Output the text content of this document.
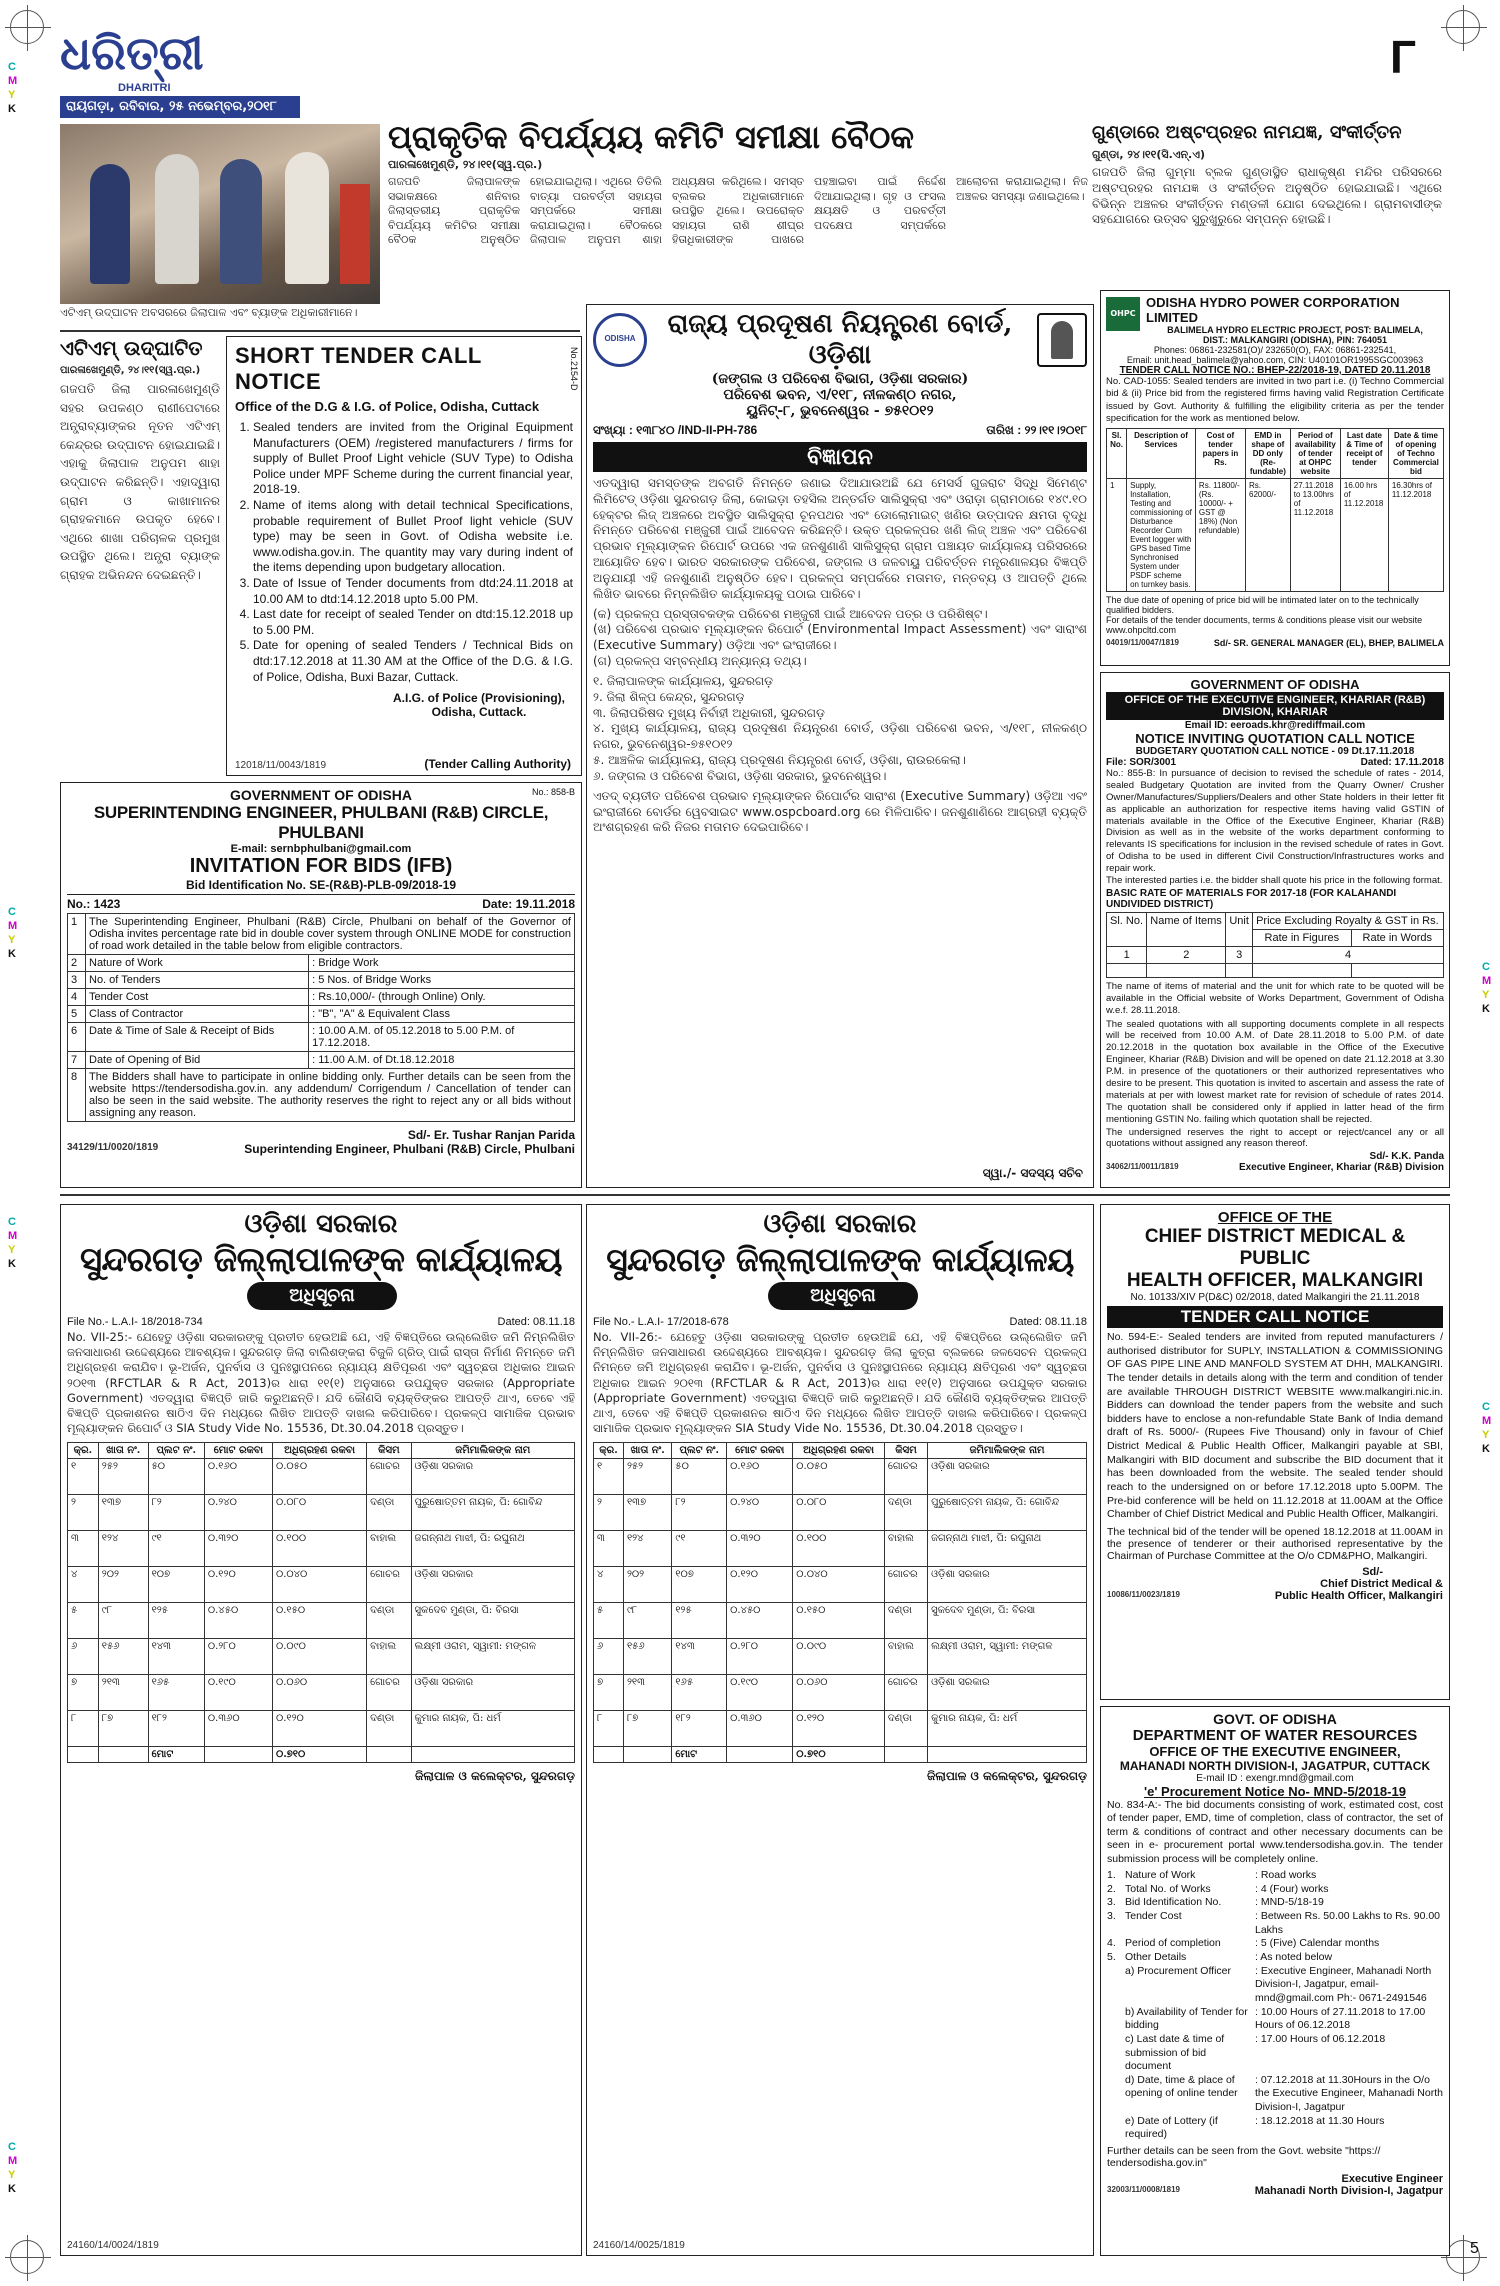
C
M
Y
K
C
M
Y
K
C
M
Y
K
C
M
Y
K
C
M
Y
K
C
M
Y
K
Г
5
ଧରିତ୍ରୀ
DHARITRI
ରାୟଗଡ଼ା, ରବିବାର, ୨୫ ନଭେମ୍ବର,୨୦୧୮
ଏଟିଏମ୍ ଉଦ୍‌ଘାଟନ ଅବସରରେ ଜିଲାପାଳ ଏବଂ ବ୍ୟାଙ୍କ ଅଧିକାରୀମାନେ।
ପ୍ରାକୃତିକ ବିପର୍ଯ୍ୟୟ କମିଟି ସମୀକ୍ଷା ବୈଠକ
ପାରଳାଖେମୁଣ୍ଡି, ୨୪।୧୧(ସ୍ୱ.ପ୍ର.)
ଗଜପତି ଜିଲାପାଳଙ୍କ ସଭାକକ୍ଷରେ ଶନିବାର ଜିଲାସ୍ତରୀୟ ପ୍ରାକୃତିକ ବିପର୍ଯ୍ୟୟ କମିଟିର ସମୀକ୍ଷା ବୈଠକ ଅନୁଷ୍ଠିତ ହୋଇଯାଇଥିଲା। ଏଥିରେ ତିତିଲି ବାତ୍ୟା ପରବର୍ତ୍ତୀ ସହାୟତା ସମ୍ପର୍କରେ ସମୀକ୍ଷା କରାଯାଇଥିଲା। ବୈଠକରେ ଜିଲାପାଳ ଅନୁପମ ଶାହା ଅଧ୍ୟକ୍ଷତା କରିଥିଲେ। ସମସ୍ତ ବ୍ଲକର ଅଧିକାରୀମାନେ ଉପସ୍ଥିତ ଥିଲେ। ଉପରୋକ୍ତ ସହାୟତା ରାଶି ଶୀଘ୍ର ହିତାଧିକାରୀଙ୍କ ପାଖରେ ପହଞ୍ଚାଇବା ପାଇଁ ନିର୍ଦ୍ଦେଶ ଦିଆଯାଇଥିଲା। ଗୃହ ଓ ଫସଲ କ୍ଷୟକ୍ଷତି ଓ ପରବର୍ତ୍ତୀ ପଦକ୍ଷେପ ସମ୍ପର୍କରେ ଆଲୋଚନା କରାଯାଇଥିଲା। ନିଜ ଅଞ୍ଚଳର ସମସ୍ୟା ଜଣାଇଥିଲେ।
ଗୁଣ୍ଡାରେ ଅଷ୍ଟପ୍ରହର ନାମଯଜ୍ଞ, ସଂକୀର୍ତ୍ତନ
ଗୁଣ୍ଡା, ୨୪।୧୧(ସି.ଏନ୍.ଏ)
ଗଜପତି ଜିଲା ଗୁମ୍ମା ବ୍ଲକ ଗୁଣ୍ଡାସ୍ଥିତ ରାଧାକୃଷ୍ଣ ମନ୍ଦିର ପରିସରରେ ଅଷ୍ଟପ୍ରହର ନାମଯଜ୍ଞ ଓ ସଂକୀର୍ତ୍ତନ ଅନୁଷ୍ଠିତ ହୋଇଯାଇଛି। ଏଥିରେ ବିଭିନ୍ନ ଅଞ୍ଚଳର ସଂକୀର୍ତ୍ତନ ମଣ୍ଡଳୀ ଯୋଗ ଦେଇଥିଲେ। ଗ୍ରାମବାସୀଙ୍କ ସହଯୋଗରେ ଉତ୍ସବ ସୁରୁଖୁରୁରେ ସମ୍ପନ୍ନ ହୋଇଛି।
ଏଟିଏମ୍ ଉଦ୍‌ଘାଟିତ
ପାରଳାଖେମୁଣ୍ଡି, ୨୪।୧୧(ସ୍ୱ.ପ୍ର.)
ଗଜପତି ଜିଲା ପାରଳାଖେମୁଣ୍ଡି ସହର ଉପକଣ୍ଠ ରାଣୀପେଟାରେ ଅନ୍ଧ୍ରାବ୍ୟାଙ୍କର ନୂତନ ଏଟିଏମ୍ କେନ୍ଦ୍ରର ଉଦ୍‌ଘାଟନ ହୋଇଯାଇଛି। ଏହାକୁ ଜିଲାପାଳ ଅନୁପମ ଶାହା ଉଦ୍‌ଘାଟନ କରିଛନ୍ତି। ଏହାଦ୍ୱାରା ଗ୍ରାମ ଓ କାଖାମାନର ଗ୍ରାହକମାନେ ଉପକୃତ ହେବେ। ଏଥିରେ ଶାଖା ପରିଚାଳକ ପ୍ରମୁଖ ଉପସ୍ଥିତ ଥିଲେ। ଅନ୍ଧ୍ରା ବ୍ୟାଙ୍କ ଗ୍ରାହକ ଅଭିନନ୍ଦନ ଦେଇଛନ୍ତି।
SHORT TENDER CALL NOTICE	No.2154-D
Office of the D.G & I.G. of Police, Odisha, Cuttack
1. Sealed tenders are invited from the Original Equipment Manufacturers (OEM) /registered manufacturers / firms for supply of Bullet Proof Light vehicle (SUV Type) to Odisha Police under MPF Scheme during the current financial year, 2018-19.
2. Name of items along with detail technical Specifications, probable requirement of Bullet Proof light vehicle (SUV type) may be seen in Govt. of Odisha website i.e. www.odisha.gov.in. The quantity may vary during indent of the items depending upon budgetary allocation.
3. Date of Issue of Tender documents from dtd:24.11.2018 at 10.00 AM to dtd:14.12.2018 upto 5.00 PM.
4. Last date for receipt of sealed Tender on dtd:15.12.2018 up to 5.00 PM.
5. Date for opening of sealed Tenders / Technical Bids on dtd:17.12.2018 at 11.30 AM at the Office of the D.G. & I.G. of Police, Odisha, Buxi Bazar, Cuttack.
A.I.G. of Police (Provisioning),
Odisha, Cuttack.
12018/11/0043/1819	(Tender Calling Authority)
GOVERNMENT OF ODISHA	No.: 858-B
SUPERINTENDING ENGINEER, PHULBANI (R&B) CIRCLE, PHULBANI
E-mail: sernbphulbani@gmail.com
INVITATION FOR BIDS (IFB)
Bid Identification No. SE-(R&B)-PLB-09/2018-19
No.: 1423	Date: 19.11.2018
1	The Superintending Engineer, Phulbani (R&B) Circle, Phulbani on behalf of the Governor of Odisha invites percentage rate bid in double cover system through ONLINE MODE for construction of road work detailed in the table below from eligible contractors.	
2	Nature of Work	: Bridge Work
3	No. of Tenders	: 5 Nos. of Bridge Works
4	Tender Cost	: Rs.10,000/- (through Online) Only.
5	Class of Contractor	: "B", "A" & Equivalent Class
6	Date & Time of Sale & Receipt of Bids	: 10.00 A.M. of 05.12.2018 to 5.00 P.M. of 17.12.2018.
7	Date of Opening of Bid	: 11.00 A.M. of Dt.18.12.2018
8	The Bidders shall have to participate in online bidding only. Further details can be seen from the website https://tendersodisha.gov.in. any addendum/ Corrigendum / Cancellation of tender can also be seen in the said website. The authority reserves the right to reject any or all bids without assigning any reason.	
Sd/- Er. Tushar Ranjan Parida
34129/11/0020/1819	Superintending Engineer, Phulbani (R&B) Circle, Phulbani
ODISHA	ରାଜ୍ୟ ପ୍ରଦୂଷଣ ନିୟନ୍ତ୍ରଣ ବୋର୍ଡ, ଓଡ଼ିଶା
(ଜଙ୍ଗଲ ଓ ପରିବେଶ ବିଭାଗ, ଓଡ଼ିଶା ସରକାର)
ପରିବେଶ ଭବନ, ଏ/୧୧୮, ନୀଳକଣ୍ଠ ନଗର,
ୟୁନିଟ୍-୮, ଭୁବନେଶ୍ୱର - ୭୫୧୦୧୨
ସଂଖ୍ୟା : ୧୩୮୪୦ /IND-II-PH-786	ତାରିଖ : ୨୨।୧୧।୨୦୧୮
ବିଜ୍ଞାପନ
ଏତଦ୍ୱାରା ସମସ୍ତଙ୍କ ଅବଗତି ନିମନ୍ତେ ଜଣାଇ ଦିଆଯାଉଅଛି ଯେ ମେସର୍ସ ଗୁଜରାଟ ସିଦ୍ଧି ସିମେଣ୍ଟ ଲିମିଟେଡ୍ ଓଡ଼ିଶା ସୁନ୍ଦରଗଡ଼ ଜିଲା, କୋଇଡ଼ା ତହସିଲ ଅନ୍ତର୍ଗତ ସାଲିସୁକ୍ରା ଏବଂ ଓରାଡ଼ା ଗ୍ରାମଠାରେ ୧୪୯.୧୦ ହେକ୍ଟର ଲିଜ୍ ଅଞ୍ଚଳରେ ଅବସ୍ଥିତ ସାଲିସୁକ୍ରା ଚୂନପଥର ଏବଂ ଡୋଲୋମାଇଟ୍ ଖଣିର ଉତ୍ପାଦନ କ୍ଷମତା ବୃଦ୍ଧି ନିମନ୍ତେ ପରିବେଶ ମଞ୍ଜୁରୀ ପାଇଁ ଆବେଦନ କରିଛନ୍ତି। ଉକ୍ତ ପ୍ରକଳ୍ପର ଖଣି ଲିଜ୍ ଅଞ୍ଚଳ ଏବଂ ପରିବେଶ ପ୍ରଭାବ ମୂଲ୍ୟାଙ୍କନ ରିପୋର୍ଟ ଉପରେ ଏକ ଜନଶୁଣାଣି ସାଲିସୁକ୍ରା ଗ୍ରାମ ପଞ୍ଚାୟତ କାର୍ଯ୍ୟାଳୟ ପରିସରରେ ଆୟୋଜିତ ହେବ। ଭାରତ ସରକାରଙ୍କ ପରିବେଶ, ଜଙ୍ଗଲ ଓ ଜଳବାୟୁ ପରିବର୍ତ୍ତନ ମନ୍ତ୍ରଣାଳୟର ବିଜ୍ଞପ୍ତି ଅନୁଯାୟୀ ଏହି ଜନଶୁଣାଣି ଅନୁଷ୍ଠିତ ହେବ। ପ୍ରକଳ୍ପ ସମ୍ପର୍କରେ ମତାମତ, ମନ୍ତବ୍ୟ ଓ ଆପତ୍ତି ଥିଲେ ଲିଖିତ ଭାବରେ ନିମ୍ନଲିଖିତ କାର୍ଯ୍ୟାଳୟକୁ ପଠାଇ ପାରିବେ।
(କ) ପ୍ରକଳ୍ପ ପ୍ରସ୍ତାବକଙ୍କ ପରିବେଶ ମଞ୍ଜୁରୀ ପାଇଁ ଆବେଦନ ପତ୍ର ଓ ପରିଶିଷ୍ଟ।
(ଖ) ପରିବେଶ ପ୍ରଭାବ ମୂଲ୍ୟାଙ୍କନ ରିପୋର୍ଟ (Environmental Impact Assessment) ଏବଂ ସାରାଂଶ (Executive Summary) ଓଡ଼ିଆ ଏବଂ ଇଂରାଜୀରେ।
(ଗ) ପ୍ରକଳ୍ପ ସମ୍ବନ୍ଧୀୟ ଅନ୍ୟାନ୍ୟ ତଥ୍ୟ।
୧. ଜିଲାପାଳଙ୍କ କାର୍ଯ୍ୟାଳୟ, ସୁନ୍ଦରଗଡ଼
୨. ଜିଲା ଶିଳ୍ପ କେନ୍ଦ୍ର, ସୁନ୍ଦରଗଡ଼
୩. ଜିଲାପରିଷଦ ମୁଖ୍ୟ ନିର୍ବାହୀ ଅଧିକାରୀ, ସୁନ୍ଦରଗଡ଼
୪. ମୁଖ୍ୟ କାର୍ଯ୍ୟାଳୟ, ରାଜ୍ୟ ପ୍ରଦୂଷଣ ନିୟନ୍ତ୍ରଣ ବୋର୍ଡ, ଓଡ଼ିଶା ପରିବେଶ ଭବନ, ଏ/୧୧୮, ନୀଳକଣ୍ଠ ନଗର, ଭୁବନେଶ୍ୱର-୭୫୧୦୧୨
୫. ଆଞ୍ଚଳିକ କାର୍ଯ୍ୟାଳୟ, ରାଜ୍ୟ ପ୍ରଦୂଷଣ ନିୟନ୍ତ୍ରଣ ବୋର୍ଡ, ଓଡ଼ିଶା, ରାଉରକେଲା।
୬. ଜଙ୍ଗଲ ଓ ପରିବେଶ ବିଭାଗ, ଓଡ଼ିଶା ସରକାର, ଭୁବନେଶ୍ୱର।
ଏତଦ୍ ବ୍ୟତୀତ ପରିବେଶ ପ୍ରଭାବ ମୂଲ୍ୟାଙ୍କନ ରିପୋର୍ଟର ସାରାଂଶ (Executive Summary) ଓଡ଼ିଆ ଏବଂ ଇଂରାଜୀରେ ବୋର୍ଡର ୱେବସାଇଟ www.ospcboard.org ରେ ମିଳିପାରିବ। ଜନଶୁଣାଣିରେ ଆଗ୍ରହୀ ବ୍ୟକ୍ତି ଅଂଶଗ୍ରହଣ କରି ନିଜର ମତାମତ ଦେଇପାରିବେ।
ସ୍ୱା./- ସଦସ୍ୟ ସଚିବ
OHPC
ODISHA HYDRO POWER CORPORATION LIMITED
BALIMELA HYDRO ELECTRIC PROJECT, POST: BALIMELA,
DIST.: MALKANGIRI (ODISHA), PIN: 764051
Phones: 06861-232581(O)/ 232650(O), FAX: 06861-232541,
Email: unit.head_balimela@yahoo.com, CIN: U40101OR1995SGC003963
TENDER CALL NOTICE NO.: BHEP-22/2018-19, DATED 20.11.2018
No. CAD-1055: Sealed tenders are invited in two part i.e. (i) Techno Commercial bid & (ii) Price bid from the registered firms having valid Registration Certificate issued by Govt. Authority & fulfilling the eligibility criteria as per the tender specification for the work as mentioned below.
Sl. No.	Description of Services	Cost of tender papers in Rs.	EMD in shape of DD only (Re-fundable)	Period of availability of tender at OHPC website	Last date & Time of receipt of tender	Date & time of opening of Techno Commercial bid
1	Supply, Installation, Testing and commissioning of Disturbance Recorder Cum Event logger with GPS based Time Synchronised System under PSDF scheme on turnkey basis.	Rs. 11800/- (Rs. 10000/- + GST @ 18%) (Non refundable)	Rs. 62000/-	27.11.2018 to 13.00hrs of 11.12.2018	16.00 hrs of 11.12.2018	16.30hrs of 11.12.2018
The due date of opening of price bid will be intimated later on to the technically qualified bidders.
For details of the tender documents, terms & conditions please visit our website www.ohpcltd.com
04019/11/0047/1819	Sd/- SR. GENERAL MANAGER (EL), BHEP, BALIMELA
GOVERNMENT OF ODISHA
OFFICE OF THE EXECUTIVE ENGINEER, KHARIAR (R&B) DIVISION, KHARIAR
Email ID: eeroads.khr@rediffmail.com
NOTICE INVITING QUOTATION CALL NOTICE
BUDGETARY QUOTATION CALL NOTICE - 09 Dt.17.11.2018
File: SOR/3001	Dated: 17.11.2018
No.: 855-B: In pursuance of decision to revised the schedule of rates - 2014, sealed Budgetary Quotation are invited from the Quarry Owner/ Crusher Owner/Manufactures/Suppliers/Dealers and other State holders in their letter fit as applicable an authorization for respective items having valid GSTIN of materials available in the Office of the Executive Engineer, Khariar (R&B) Division as well as in the website of the works department conforming to relevants IS specifications for inclusion in the revised schedule of rates in Govt. of Odisha to be used in different Civil Construction/Infrastructures works and repair work.
The interested parties i.e. the bidder shall quote his price in the following format.
BASIC RATE OF MATERIALS FOR 2017-18 (FOR KALAHANDI UNDIVIDED DISTRICT)
Sl. No.	Name of Items	Unit	Price Excluding Royalty & GST in Rs.	
			Rate in Figures	Rate in Words
1	2	3	4	

The name of items of material and the unit for which rate to be quoted will be available in the Official website of Works Department, Government of Odisha w.e.f. 28.11.2018.
The sealed quotations with all supporting documents complete in all respects will be received from 10.00 A.M. of Date 28.11.2018 to 5.00 P.M. of date 20.12.2018 in the quotation box available in the Office of the Executive Engineer, Khariar (R&B) Division and will be opened on date 21.12.2018 at 3.30 P.M. in presence of the quotationers or their authorized representatives who desire to be present. This quotation is invited to ascertain and assess the rate of materials at per with lowest market rate for revision of schedule of rates 2014. The quotation shall be considered only if applied in latter head of the firm mentioning GSTIN No. failing which quotation shall be rejected.
The undersigned reserves the right to accept or reject/cancel any or all quotations without assigned any reason thereof.
Sd/- K.K. Panda
34062/11/0011/1819	Executive Engineer, Khariar (R&B) Division
ଓଡ଼ିଶା ସରକାର
ସୁନ୍ଦରଗଡ଼ ଜିଲ୍ଲାପାଳଙ୍କ କାର୍ଯ୍ୟାଳୟ
ଅଧିସୂଚନା
File No.- L.A.I- 18/2018-734	Dated: 08.11.18
No. VII-25:- ଯେହେତୁ ଓଡ଼ିଶା ସରକାରଙ୍କୁ ପ୍ରତୀତ ହେଉଅଛି ଯେ, ଏହି ବିଜ୍ଞପ୍ତିରେ ଉଲ୍ଲେଖିତ ଜମି ନିମ୍ନଲିଖିତ ଜନସାଧାରଣ ଉଦ୍ଦେଶ୍ୟରେ ଆବଶ୍ୟକ। ସୁନ୍ଦରଗଡ଼ ଜିଲା ବାଲିଶଙ୍କରା ବିଜୁଳି ଗ୍ରିଡ୍ ପାଇଁ ରାସ୍ତା ନିର୍ମାଣ ନିମନ୍ତେ ଜମି ଅଧିଗ୍ରହଣ କରାଯିବ। ଭୂ-ଅର୍ଜନ, ପୁନର୍ବାସ ଓ ପୁନଃସ୍ଥାପନରେ ନ୍ୟାଯ୍ୟ କ୍ଷତିପୂରଣ ଏବଂ ସ୍ୱଚ୍ଛତା ଅଧିକାର ଆଇନ ୨୦୧୩ (RFCTLAR & R Act, 2013)ର ଧାରା ୧୧(୧) ଅନୁସାରେ ଉପଯୁକ୍ତ ସରକାର (Appropriate Government) ଏତଦ୍ୱାରା ବିଜ୍ଞପ୍ତି ଜାରି କରୁଅଛନ୍ତି। ଯଦି କୌଣସି ବ୍ୟକ୍ତିଙ୍କର ଆପତ୍ତି ଥାଏ, ତେବେ ଏହି ବିଜ୍ଞପ୍ତି ପ୍ରକାଶନର ଷାଠିଏ ଦିନ ମଧ୍ୟରେ ଲିଖିତ ଆପତ୍ତି ଦାଖଲ କରିପାରିବେ। ପ୍ରକଳ୍ପ ସାମାଜିକ ପ୍ରଭାବ ମୂଲ୍ୟାଙ୍କନ ରିପୋର୍ଟ ଓ SIA Study Vide No. 15536, Dt.30.04.2018 ପ୍ରସ୍ତୁତ।
କ୍ର.	ଖାତା ନଂ.	ପ୍ଲଟ ନଂ.	ମୋଟ ରକବା	ଅଧିଗ୍ରହଣ ରକବା	କିସମ	ଜମିମାଲିକଙ୍କ ନାମ
୧	୨୫୨	୫୦	୦.୧୬୦	୦.୦୫୦	ଗୋଚର	ଓଡ଼ିଶା ସରକାର
୨	୧୩୭	୮୨	୦.୨୪୦	୦.୦୮୦	ଦଣ୍ଡା	ପୁରୁଷୋତ୍ତମ ନାୟକ, ପି: ଗୋବିନ୍ଦ
୩	୧୨୪	୯୧	୦.୩୨୦	୦.୧୦୦	ବାହାଲ	ଜଗନ୍ନାଥ ମାଝୀ, ପି: ରଘୁନାଥ
୪	୨୦୨	୧୦୭	୦.୧୨୦	୦.୦୪୦	ଗୋଚର	ଓଡ଼ିଶା ସରକାର
୫	୯୮	୧୨୫	୦.୪୫୦	୦.୧୫୦	ଦଣ୍ଡା	ସୁକଦେବ ମୁଣ୍ଡା, ପି: ବିରସା
୬	୧୫୬	୧୪୩	୦.୨୮୦	୦.୦୯୦	ବାହାଲ	ଲକ୍ଷ୍ମୀ ଓରାମ, ସ୍ୱାମୀ: ମଙ୍ଗଳ
୭	୨୧୩	୧୬୫	୦.୧୯୦	୦.୦୬୦	ଗୋଚର	ଓଡ଼ିଶା ସରକାର
୮	୮୭	୧୮୨	୦.୩୬୦	୦.୧୨୦	ଦଣ୍ଡା	କୁମାର ନାୟକ, ପି: ଧର୍ମ
		ମୋଟ		୦.୭୧୦		
ଜିଲାପାଳ ଓ କଲେକ୍ଟର, ସୁନ୍ଦରଗଡ଼
24160/14/0024/1819
ଓଡ଼ିଶା ସରକାର
ସୁନ୍ଦରଗଡ଼ ଜିଲ୍ଲାପାଳଙ୍କ କାର୍ଯ୍ୟାଳୟ
ଅଧିସୂଚନା
File No.- L.A.I- 17/2018-678	Dated: 08.11.18
No. VII-26:- ଯେହେତୁ ଓଡ଼ିଶା ସରକାରଙ୍କୁ ପ୍ରତୀତ ହେଉଅଛି ଯେ, ଏହି ବିଜ୍ଞପ୍ତିରେ ଉଲ୍ଲେଖିତ ଜମି ନିମ୍ନଲିଖିତ ଜନସାଧାରଣ ଉଦ୍ଦେଶ୍ୟରେ ଆବଶ୍ୟକ। ସୁନ୍ଦରଗଡ଼ ଜିଲା କୁତ୍ରା ବ୍ଲକରେ ଜଳସେଚନ ପ୍ରକଳ୍ପ ନିମନ୍ତେ ଜମି ଅଧିଗ୍ରହଣ କରାଯିବ। ଭୂ-ଅର୍ଜନ, ପୁନର୍ବାସ ଓ ପୁନଃସ୍ଥାପନରେ ନ୍ୟାଯ୍ୟ କ୍ଷତିପୂରଣ ଏବଂ ସ୍ୱଚ୍ଛତା ଅଧିକାର ଆଇନ ୨୦୧୩ (RFCTLAR & R Act, 2013)ର ଧାରା ୧୧(୧) ଅନୁସାରେ ଉପଯୁକ୍ତ ସରକାର (Appropriate Government) ଏତଦ୍ୱାରା ବିଜ୍ଞପ୍ତି ଜାରି କରୁଅଛନ୍ତି। ଯଦି କୌଣସି ବ୍ୟକ୍ତିଙ୍କର ଆପତ୍ତି ଥାଏ, ତେବେ ଏହି ବିଜ୍ଞପ୍ତି ପ୍ରକାଶନର ଷାଠିଏ ଦିନ ମଧ୍ୟରେ ଲିଖିତ ଆପତ୍ତି ଦାଖଲ କରିପାରିବେ। ପ୍ରକଳ୍ପ ସାମାଜିକ ପ୍ରଭାବ ମୂଲ୍ୟାଙ୍କନ SIA Study Vide No. 15536, Dt.30.04.2018 ପ୍ରସ୍ତୁତ।
କ୍ର.	ଖାତା ନଂ.	ପ୍ଲଟ ନଂ.	ମୋଟ ରକବା	ଅଧିଗ୍ରହଣ ରକବା	କିସମ	ଜମିମାଲିକଙ୍କ ନାମ
୧	୨୫୨	୫୦	୦.୧୬୦	୦.୦୫୦	ଗୋଚର	ଓଡ଼ିଶା ସରକାର
୨	୧୩୭	୮୨	୦.୨୪୦	୦.୦୮୦	ଦଣ୍ଡା	ପୁରୁଷୋତ୍ତମ ନାୟକ, ପି: ଗୋବିନ୍ଦ
୩	୧୨୪	୯୧	୦.୩୨୦	୦.୧୦୦	ବାହାଲ	ଜଗନ୍ନାଥ ମାଝୀ, ପି: ରଘୁନାଥ
୪	୨୦୨	୧୦୭	୦.୧୨୦	୦.୦୪୦	ଗୋଚର	ଓଡ଼ିଶା ସରକାର
୫	୯୮	୧୨୫	୦.୪୫୦	୦.୧୫୦	ଦଣ୍ଡା	ସୁକଦେବ ମୁଣ୍ଡା, ପି: ବିରସା
୬	୧୫୬	୧୪୩	୦.୨୮୦	୦.୦୯୦	ବାହାଲ	ଲକ୍ଷ୍ମୀ ଓରାମ, ସ୍ୱାମୀ: ମଙ୍ଗଳ
୭	୨୧୩	୧୬୫	୦.୧୯୦	୦.୦୬୦	ଗୋଚର	ଓଡ଼ିଶା ସରକାର
୮	୮୭	୧୮୨	୦.୩୬୦	୦.୧୨୦	ଦଣ୍ଡା	କୁମାର ନାୟକ, ପି: ଧର୍ମ
		ମୋଟ		୦.୭୧୦		
ଜିଲାପାଳ ଓ କଲେକ୍ଟର, ସୁନ୍ଦରଗଡ଼
24160/14/0025/1819
OFFICE OF THE
CHIEF DISTRICT MEDICAL & PUBLIC
HEALTH OFFICER, MALKANGIRI
No. 10133/XIV P(D&C) 02/2018, dated Malkangiri the 21.11.2018
TENDER CALL NOTICE
No. 594-E:- Sealed tenders are invited from reputed manufacturers / authorised distributor for SUPLY, INSTALLATION & COMMISSIONING OF GAS PIPE LINE AND MANFOLD SYSTEM AT DHH, MALKANGIRI. The tender details in details along with the term and condition of tender are available THROUGH DISTRICT WEBSITE www.malkangiri.nic.in. Bidders can download the tender papers from the website and such bidders have to enclose a non-refundable State Bank of India demand draft of Rs. 5000/- (Rupees Five Thousand) only in favour of Chief District Medical & Public Health Officer, Malkangiri payable at SBI, Malkangiri with BID document and subscribe the BID document that it has been downloaded from the website. The sealed tender should reach to the undersigned on or before 17.12.2018 upto 5.00PM. The Pre-bid conference will be held on 11.12.2018 at 11.00AM at the Office Chamber of Chief District Medical and Public Health Officer, Malkangiri.
The technical bid of the tender will be opened 18.12.2018 at 11.00AM in the presence of tenderer or their authorised representative by the Chairman of Purchase Committee at the O/o CDM&PHO, Malkangiri.
Sd/-
Chief District Medical &
10086/11/0023/1819	Public Health Officer, Malkangiri
GOVT. OF ODISHA
DEPARTMENT OF WATER RESOURCES
OFFICE OF THE EXECUTIVE ENGINEER,
MAHANADI NORTH DIVISION-I, JAGATPUR, CUTTACK
E-mail ID : exengr.mnd@gmail.com
'e' Procurement Notice No- MND-5/2018-19
No. 834-A:- The bid documents consisting of work, estimated cost, cost of tender paper, EMD, time of completion, class of contractor, the set of term & conditions of contract and other necessary documents can be seen in e- procurement portal www.tendersodisha.gov.in. The tender submission process will be completely online.
1. Nature of Work	: Road works
2. Total No. of Works	: 4 (Four) works
3. Bid Identification No.	: MND-5/18-19
3. Tender Cost	: Between Rs. 50.00 Lakhs to Rs. 90.00 Lakhs
4. Period of completion	: 5 (Five) Calendar months
5. Other Details	: As noted below
a) Procurement Officer	: Executive Engineer, Mahanadi North Division-I, Jagatpur, email- mnd@gmail.com Ph:- 0671-2491546
b) Availability of Tender for bidding
: 10.00 Hours of 27.11.2018 to 17.00 Hours of 06.12.2018
c) Last date & time of submission of bid document
: 17.00 Hours of 06.12.2018
d) Date, time & place of opening of online tender
: 07.12.2018 at 11.30Hours in the O/o the Executive Engineer, Mahanadi North Division-I, Jagatpur
e) Date of Lottery (if required)
: 18.12.2018 at 11.30 Hours
Further details can be seen from the Govt. website "https:// tendersodisha.gov.in"
Executive Engineer
32003/11/0008/1819	Mahanadi North Division-I, Jagatpur
